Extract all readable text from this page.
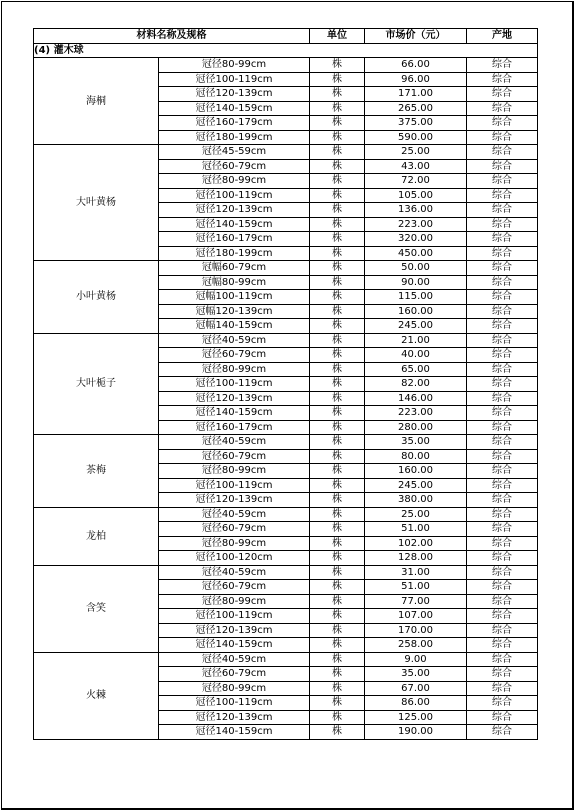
材料名称及规格		单位	市场价（元）	产地
(4) 灌木球				
海桐	冠径80-99cm	株	66.00	综合
	冠径100-119cm	株	96.00	综合
	冠径120-139cm	株	171.00	综合
	冠径140-159cm	株	265.00	综合
	冠径160-179cm	株	375.00	综合
	冠径180-199cm	株	590.00	综合
大叶黄杨	冠径45-59cm	株	25.00	综合
	冠径60-79cm	株	43.00	综合
	冠径80-99cm	株	72.00	综合
	冠径100-119cm	株	105.00	综合
	冠径120-139cm	株	136.00	综合
	冠径140-159cm	株	223.00	综合
	冠径160-179cm	株	320.00	综合
	冠径180-199cm	株	450.00	综合
小叶黄杨	冠幅60-79cm	株	50.00	综合
	冠幅80-99cm	株	90.00	综合
	冠幅100-119cm	株	115.00	综合
	冠幅120-139cm	株	160.00	综合
	冠幅140-159cm	株	245.00	综合
大叶栀子	冠径40-59cm	株	21.00	综合
	冠径60-79cm	株	40.00	综合
	冠径80-99cm	株	65.00	综合
	冠径100-119cm	株	82.00	综合
	冠径120-139cm	株	146.00	综合
	冠径140-159cm	株	223.00	综合
	冠径160-179cm	株	280.00	综合
茶梅	冠径40-59cm	株	35.00	综合
	冠径60-79cm	株	80.00	综合
	冠径80-99cm	株	160.00	综合
	冠径100-119cm	株	245.00	综合
	冠径120-139cm	株	380.00	综合
龙柏	冠径40-59cm	株	25.00	综合
	冠径60-79cm	株	51.00	综合
	冠径80-99cm	株	102.00	综合
	冠径100-120cm	株	128.00	综合
含笑	冠径40-59cm	株	31.00	综合
	冠径60-79cm	株	51.00	综合
	冠径80-99cm	株	77.00	综合
	冠径100-119cm	株	107.00	综合
	冠径120-139cm	株	170.00	综合
	冠径140-159cm	株	258.00	综合
火棘	冠径40-59cm	株	9.00	综合
	冠径60-79cm	株	35.00	综合
	冠径80-99cm	株	67.00	综合
	冠径100-119cm	株	86.00	综合
	冠径120-139cm	株	125.00	综合
	冠径140-159cm	株	190.00	综合
